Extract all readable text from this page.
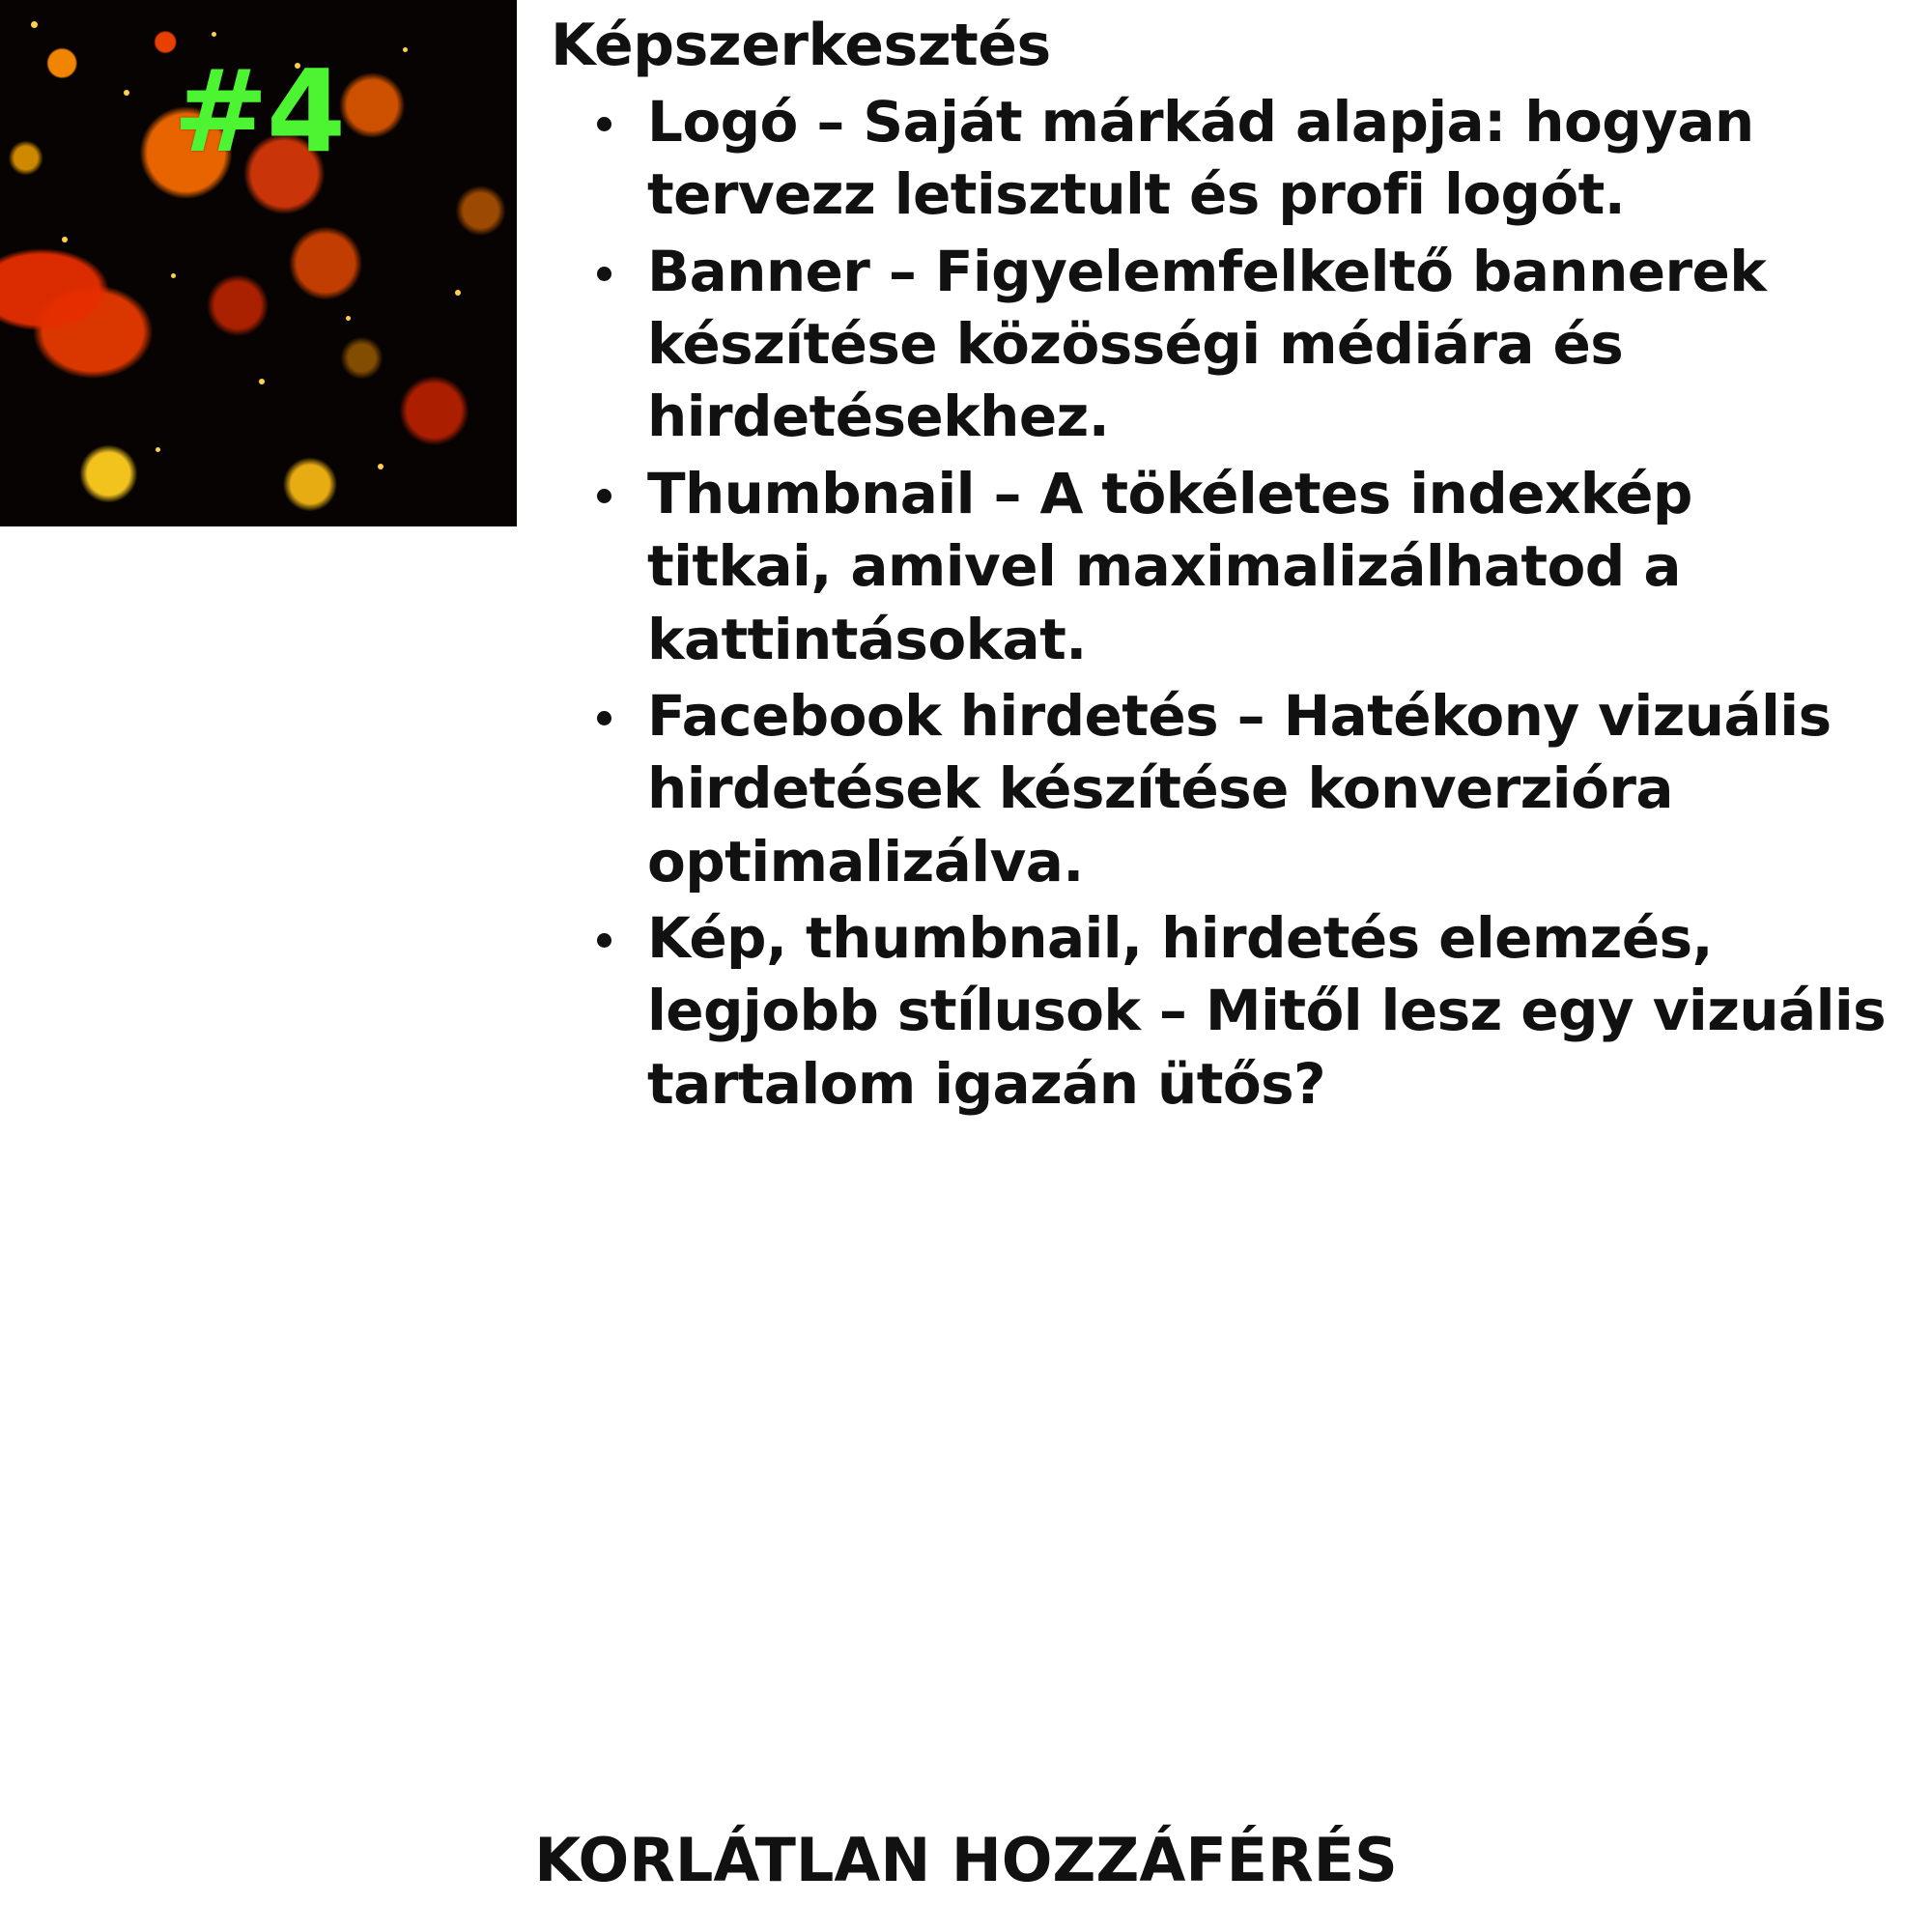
#4	Képszerkesztés
Logó – Saját márkád alapja: hogyan tervezz letisztult és profi logót.
Banner – Figyelemfelkeltő bannerek készítése közösségi médiára és hirdetésekhez.
Thumbnail – A tökéletes indexkép titkai, amivel maximalizálhatod a kattintásokat.
Facebook hirdetés – Hatékony vizuális hirdetések készítése konverzióra optimalizálva.
Kép, thumbnail, hirdetés elemzés, legjobb stílusok – Mitől lesz egy vizuális tartalom igazán ütős?
KORLÁTLAN HOZZÁFÉRÉS
